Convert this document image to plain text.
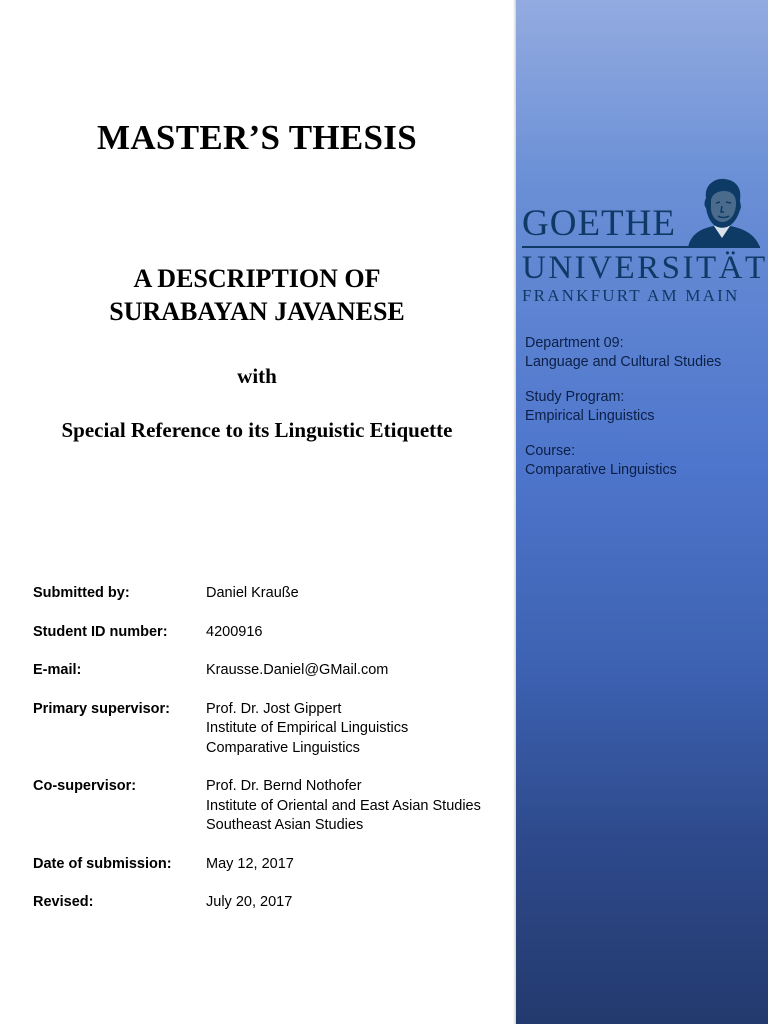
MASTER’S THESIS
A DESCRIPTION OF
SURABAYAN JAVANESE
with
Special Reference to its Linguistic Etiquette
Submitted by:	Daniel Krauße
Student ID number:	4200916
E-mail:	Krausse.Daniel@GMail.com
Primary supervisor:	Prof. Dr. Jost Gippert
Institute of Empirical Linguistics
Comparative Linguistics
Co-supervisor:	Prof. Dr. Bernd Nothofer
Institute of Oriental and East Asian Studies
Southeast Asian Studies
Date of submission:	May 12, 2017
Revised:	July 20, 2017
GOETHE
UNIVERSITÄT
FRANKFURT AM MAIN
Department 09:
Language and Cultural Studies
Study Program:
Empirical Linguistics
Course:
Comparative Linguistics
